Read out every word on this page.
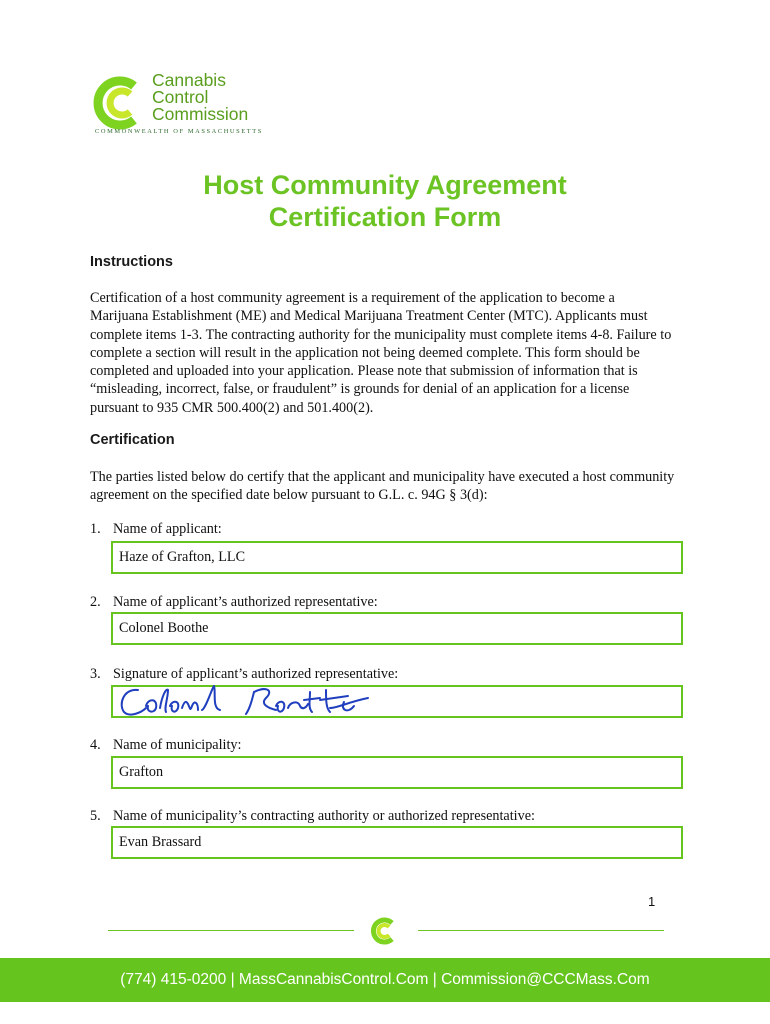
Cannabis
Control
Commission
COMMONWEALTH OF MASSACHUSETTS
Host Community Agreement
Certification Form
Instructions
Certification of a host community agreement is a requirement of the application to become a Marijuana Establishment (ME) and Medical Marijuana Treatment Center (MTC). Applicants must complete items 1-3. The contracting authority for the municipality must complete items 4-8. Failure to complete a section will result in the application not being deemed complete. This form should be completed and uploaded into your application. Please note that submission of information that is “misleading, incorrect, false, or fraudulent” is grounds for denial of an application for a license pursuant to 935 CMR 500.400(2) and 501.400(2).
Certification
The parties listed below do certify that the applicant and municipality have executed a host community agreement on the specified date below pursuant to G.L. c. 94G § 3(d):
1. Name of applicant:
Haze of Grafton, LLC
2. Name of applicant’s authorized representative:
Colonel Boothe
3. Signature of applicant’s authorized representative:
4. Name of municipality:
Grafton
5. Name of municipality’s contracting authority or authorized representative:
Evan Brassard
1
(774) 415-0200 | MassCannabisControl.Com | Commission@CCCMass.Com
